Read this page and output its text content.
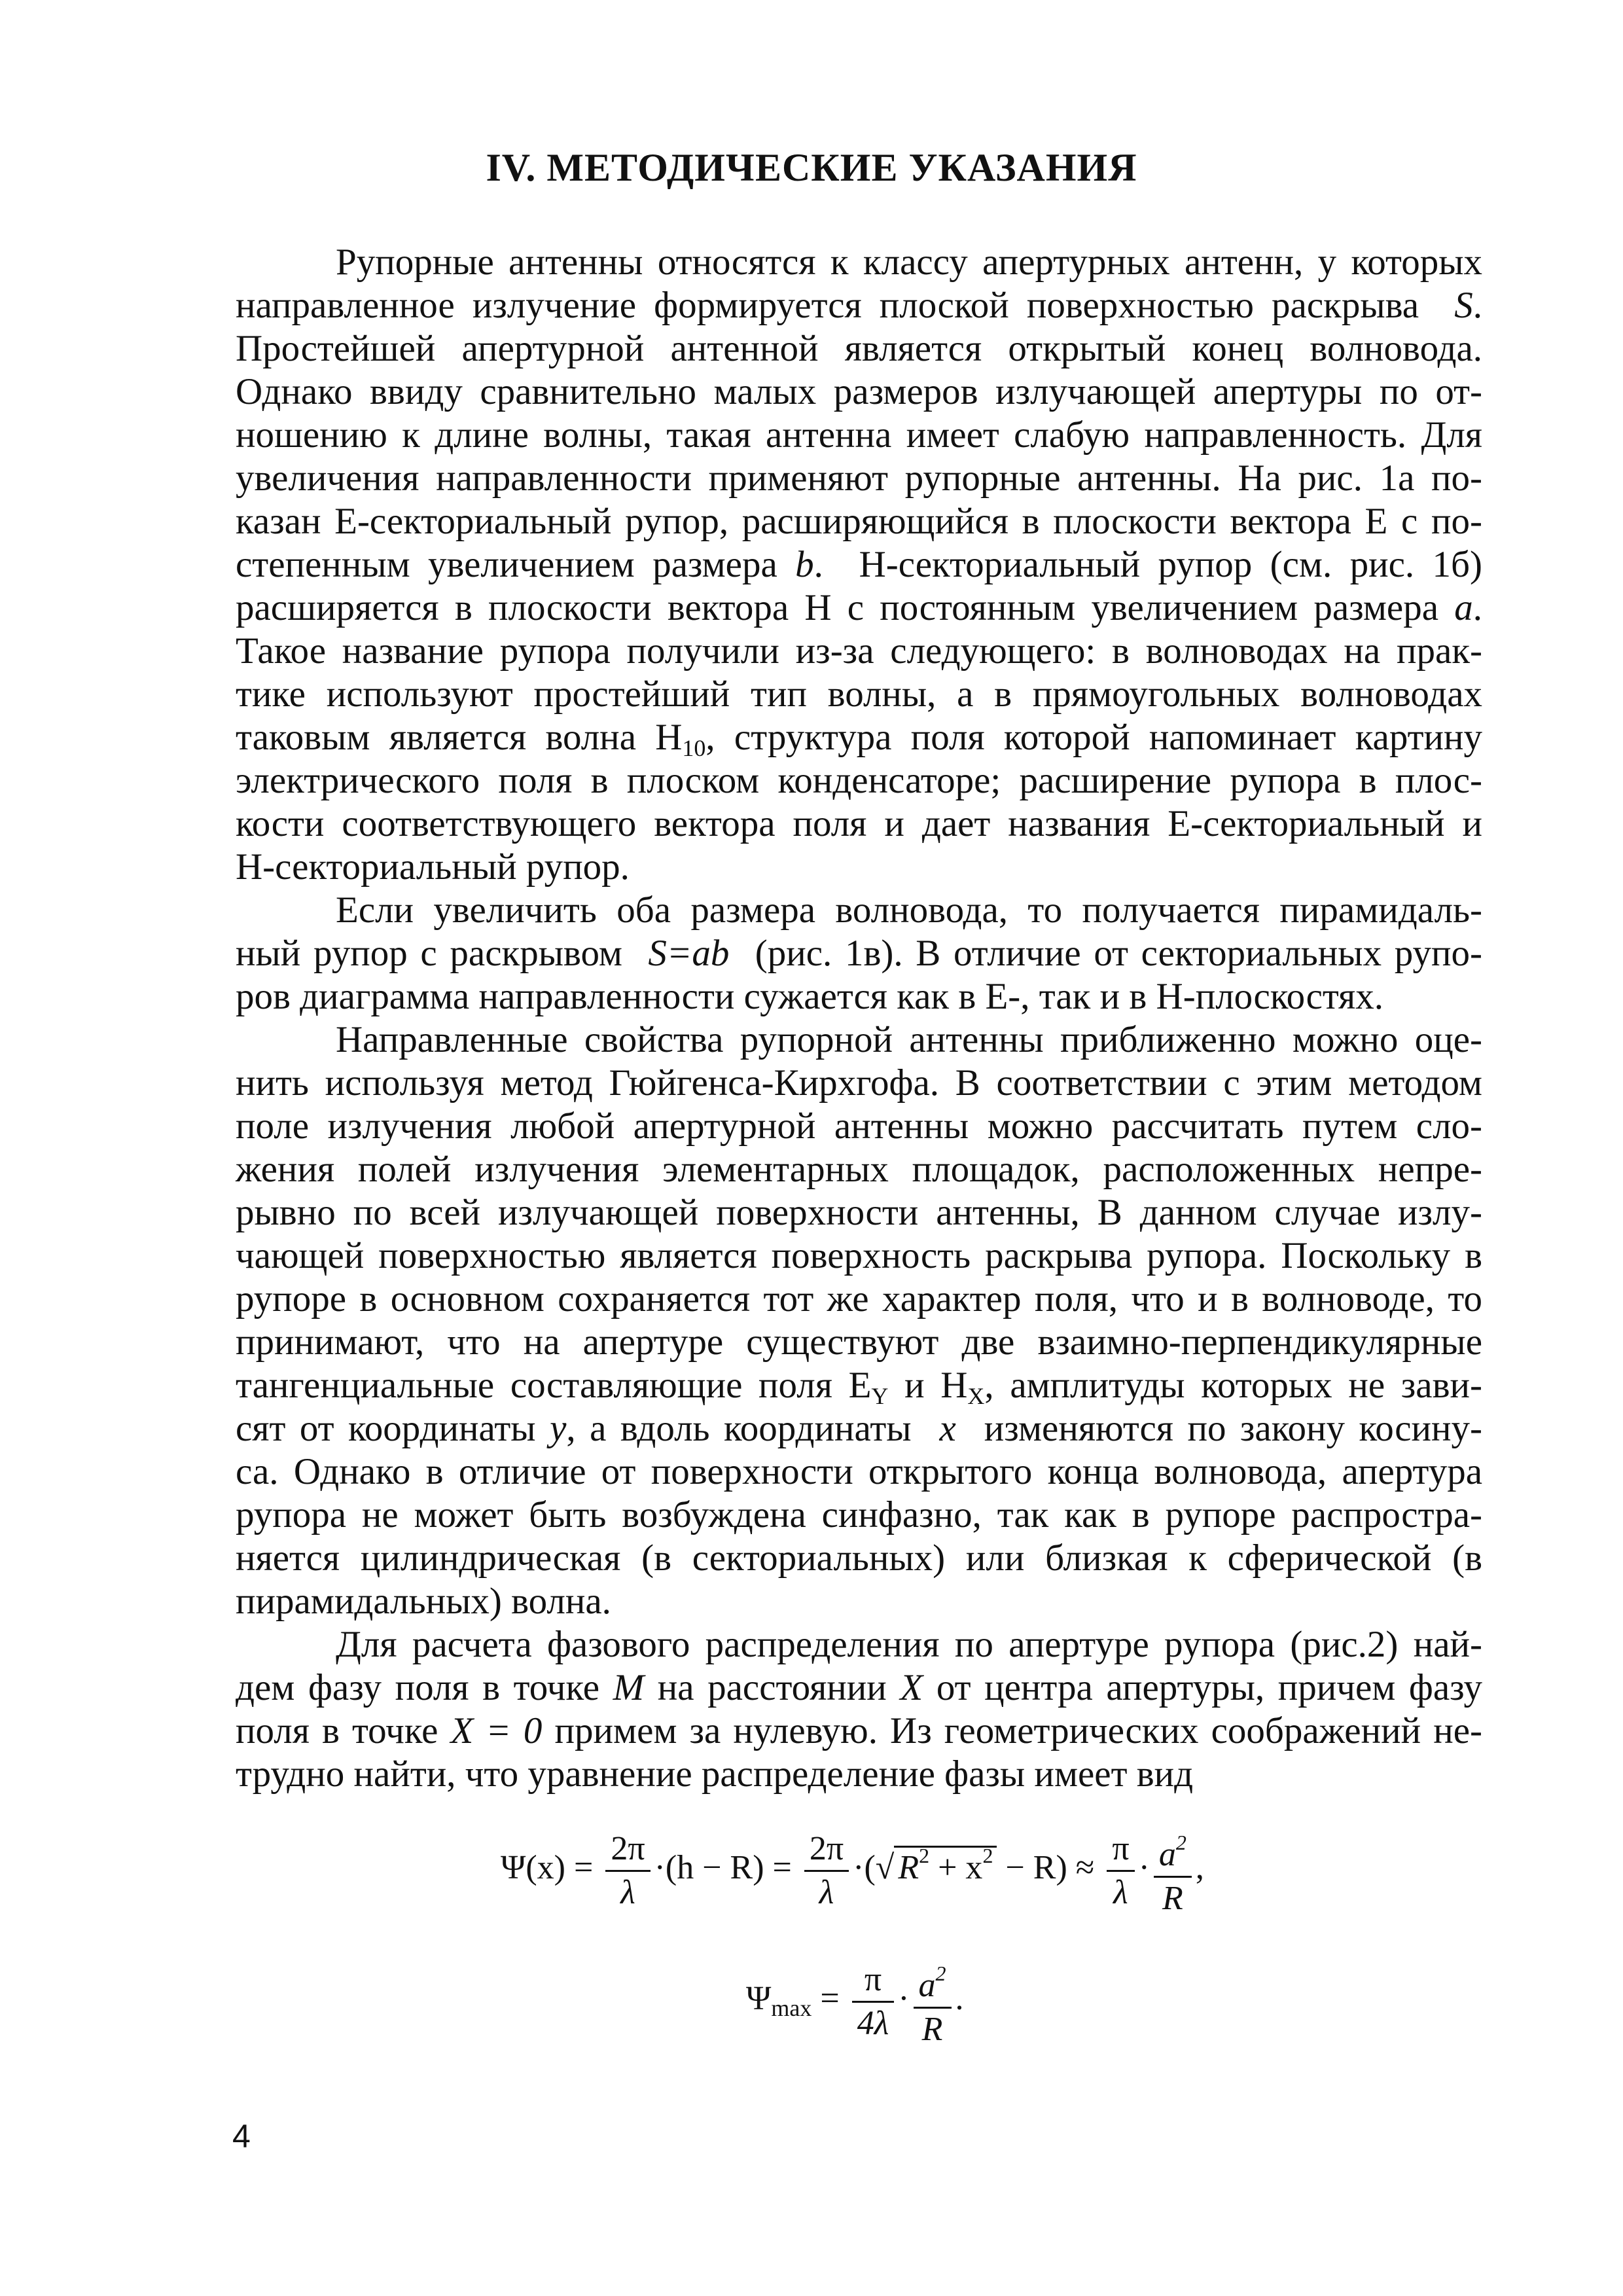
IV. МЕТОДИЧЕСКИЕ УКАЗАНИЯ

Рупорные антенны относятся к классу апертурных антенн, у которых

направленное излучение формируется плоской поверхностью раскрыва S.

Простейшей апертурной антенной является открытый конец волновода.

Однако ввиду сравнительно малых размеров излучающей апертуры по от-

ношению к длине волны, такая антенна имеет слабую направленность. Для

увеличения направленности применяют рупорные антенны. На рис. 1а по-

казан Е-секториальный рупор, расширяющийся в плоскости вектора Е с по-

степенным увеличением размера b.  Н-секториальный рупор (см. рис. 1б)

расширяется в плоскости вектора Н с постоянным увеличением размера a.

Такое название рупора получили из-за следующего: в волноводах на прак-

тике используют простейший тип волны, а в прямоугольных волноводах

таковым является волна $Н_{10}$, структура поля которой напоминает картину

электрического поля в плоском конденсаторе; расширение рупора в плос-

кости соответствующего вектора поля и дает названия Е-секториальный и

Н-секториальный рупор.

Если увеличить оба размера волновода, то получается пирамидаль-

ный рупор с раскрывом S=ab (рис. 1в). В отличие от секториальных рупо-

ров диаграмма направленности сужается как в Е-, так и в Н-плоскостях.

Направленные свойства рупорной антенны приближенно можно оце-

нить используя метод Гюйгенса-Кирхгофа. В соответствии с этим методом

поле излучения любой апертурной антенны можно рассчитать путем сло-

жения полей излучения элементарных площадок, расположенных непре-

рывно по всей излучающей поверхности антенны, В данном случае излу-

чающей поверхностью является поверхность раскрыва рупора. Поскольку в

рупоре в основном сохраняется тот же характер поля, что и в волноводе, то

принимают, что на апертуре существуют две взаимно-перпендикулярные

тангенциальные составляющие поля $Е_Y$ и $Н_X$, амплитуды которых не зави-

сят от координаты y, а вдоль координаты x изменяются по закону косину-

са. Однако в отличие от поверхности открытого конца волновода, апертура

рупора не может быть возбуждена синфазно, так как в рупоре распростра-

няется цилиндрическая (в секториальных) или близкая к сферической (в

пирамидальных) волна.

Для расчета фазового распределения по апертуре рупора (рис.2) най-

дем фазу поля в точке M на расстоянии X от центра апертуры, причем фазу

поля в точке X = 0 примем за нулевую. Из геометрических соображений не-

трудно найти, что уравнение распределение фазы имеет вид

$\Psi(x) = \frac{2\pi}{\lambda} \cdot(h - R) = \frac{2\pi}{\lambda}$ ·(√ $R^2 + x^2 - R) \approx \frac{\pi}{\lambda} \cdot \frac{a^2}{R}$ ,
$\Psi_{max} = \frac{\pi}{4\lambda} \cdot \frac{a^2}{R}$ .

4
